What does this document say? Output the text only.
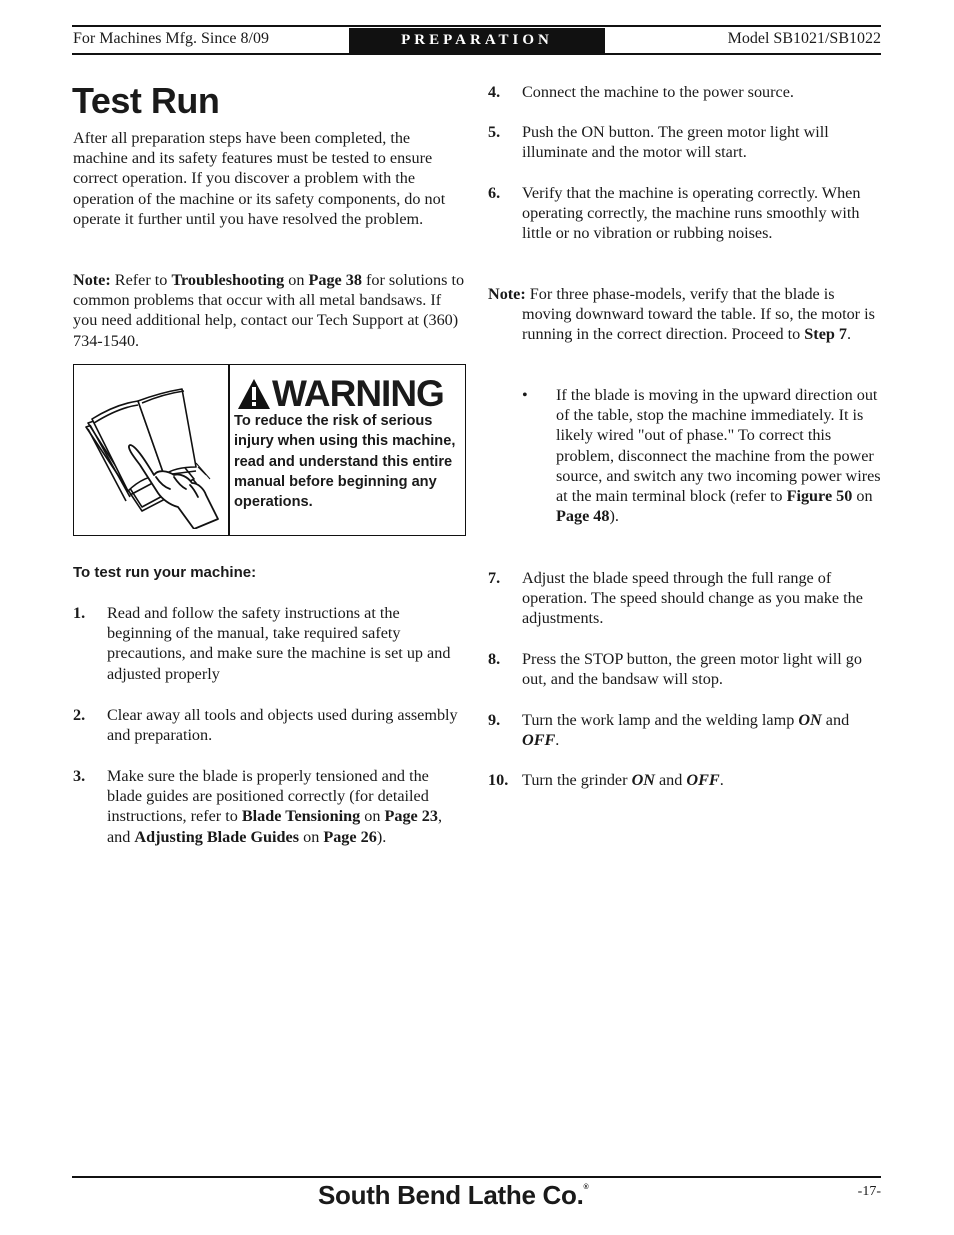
For Machines Mfg. Since 8/09	PREPARATION	Model SB1021/SB1022
Test Run
After all preparation steps have been completed, the machine and its safety features must be tested to ensure correct operation. If you discover a problem with the operation of the machine or its safety components, do not operate it further until you have resolved the problem.
Note: Refer to Troubleshooting on Page 38 for solutions to common problems that occur with all metal bandsaws. If you need additional help, contact our Tech Support at (360) 734-1540.
WARNING
To reduce the risk of serious injury when using this machine, read and understand this entire manual before beginning any operations.
To test run your machine:
1. Read and follow the safety instructions at the beginning of the manual, take required safety precautions, and make sure the machine is set up and adjusted properly
2. Clear away all tools and objects used during assembly and preparation.
3. Make sure the blade is properly tensioned and the blade guides are positioned correctly (for detailed instructions, refer to Blade Tensioning on Page 23, and Adjusting Blade Guides on Page 26).
4. Connect the machine to the power source.
5. Push the ON button. The green motor light will illuminate and the motor will start.
6. Verify that the machine is operating correctly. When operating correctly, the machine runs smoothly with little or no vibration or rubbing noises.
Note: For three phase-models, verify that the blade is moving downward toward the table. If so, the motor is running in the correct direction. Proceed to Step 7.
• If the blade is moving in the upward direction out of the table, stop the machine immediately. It is likely wired "out of phase." To correct this problem, disconnect the machine from the power source, and switch any two incoming power wires at the main terminal block (refer to Figure 50 on Page 48).
7. Adjust the blade speed through the full range of operation. The speed should change as you make the adjustments.
8. Press the STOP button, the green motor light will go out, and the bandsaw will stop.
9. Turn the work lamp and the welding lamp ON and OFF.
10. Turn the grinder ON and OFF.
South Bend Lathe Co.®	-17-
